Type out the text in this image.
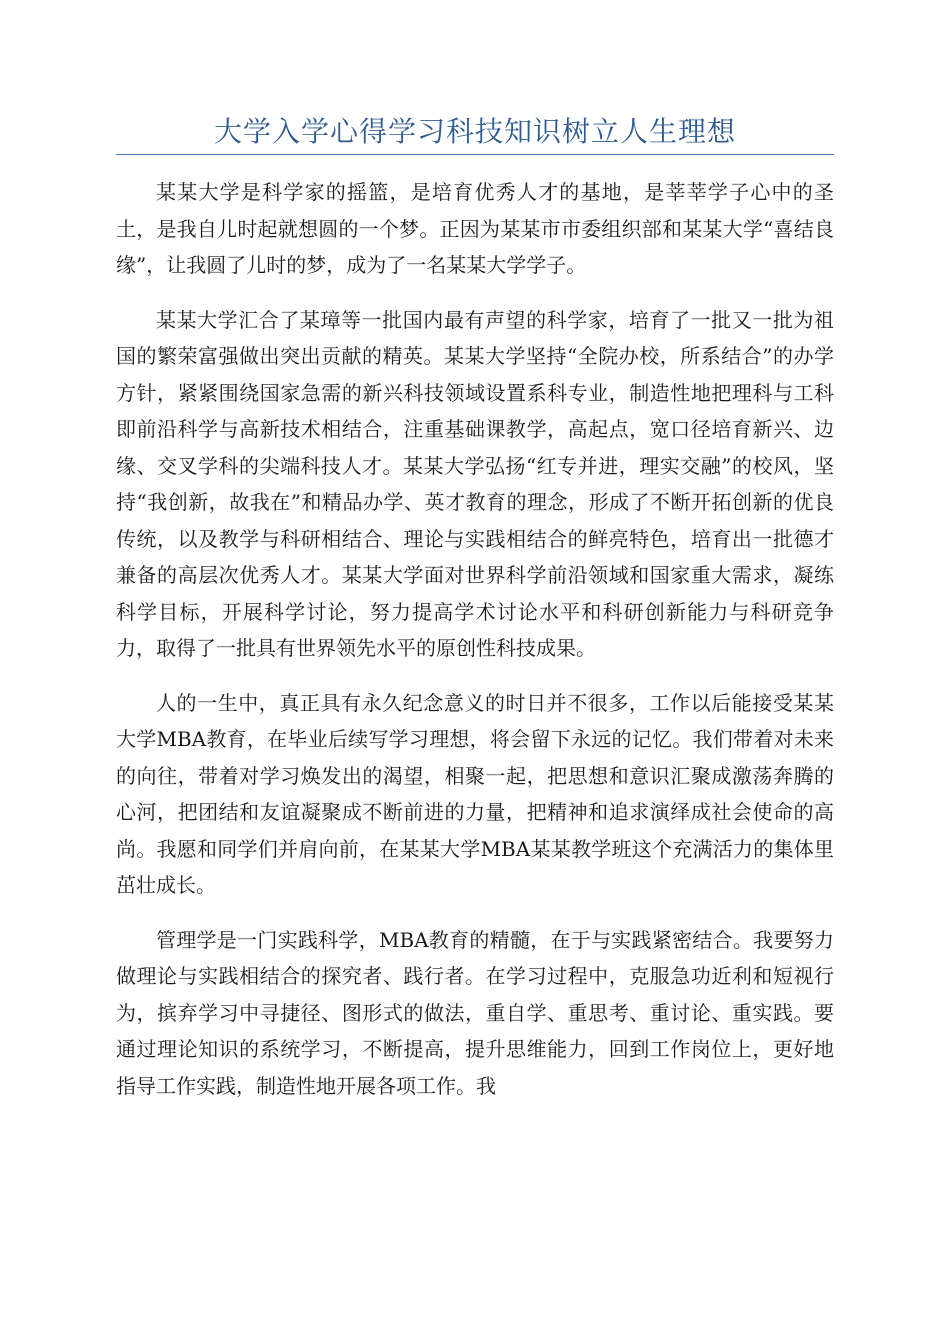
大学入学心得学习科技知识树立人生理想

某某大学是科学家的摇篮，是培育优秀人才的基地，是莘莘学子心中的圣土，是我自儿时起就想圆的一个梦。正因为某某市市委组织部和某某大学“喜结良缘”，让我圆了儿时的梦，成为了一名某某大学学子。

某某大学汇合了某璋等一批国内最有声望的科学家，培育了一批又一批为祖国的繁荣富强做出突出贡献的精英。某某大学坚持“全院办校，所系结合”的办学方针，紧紧围绕国家急需的新兴科技领域设置系科专业，制造性地把理科与工科即前沿科学与高新技术相结合，注重基础课教学，高起点，宽口径培育新兴、边缘、交叉学科的尖端科技人才。某某大学弘扬“红专并进，理实交融”的校风，坚持“我创新，故我在”和精品办学、英才教育的理念，形成了不断开拓创新的优良传统，以及教学与科研相结合、理论与实践相结合的鲜亮特色，培育出一批德才兼备的高层次优秀人才。某某大学面对世界科学前沿领域和国家重大需求，凝练科学目标，开展科学讨论，努力提高学术讨论水平和科研创新能力与科研竞争力，取得了一批具有世界领先水平的原创性科技成果。

人的一生中，真正具有永久纪念意义的时日并不很多，工作以后能接受某某大学MBA教育，在毕业后续写学习理想，将会留下永远的记忆。我们带着对未来的向往，带着对学习焕发出的渴望，相聚一起，把思想和意识汇聚成激荡奔腾的心河，把团结和友谊凝聚成不断前进的力量，把精神和追求演绎成社会使命的高尚。我愿和同学们并肩向前，在某某大学MBA某某教学班这个充满活力的集体里茁壮成长。

管理学是一门实践科学，MBA教育的精髓，在于与实践紧密结合。我要努力做理论与实践相结合的探究者、践行者。在学习过程中，克服急功近利和短视行为，摈弃学习中寻捷径、图形式的做法，重自学、重思考、重讨论、重实践。要通过理论知识的系统学习，不断提高，提升思维能力，回到工作岗位上，更好地指导工作实践，制造性地开展各项工作。我
